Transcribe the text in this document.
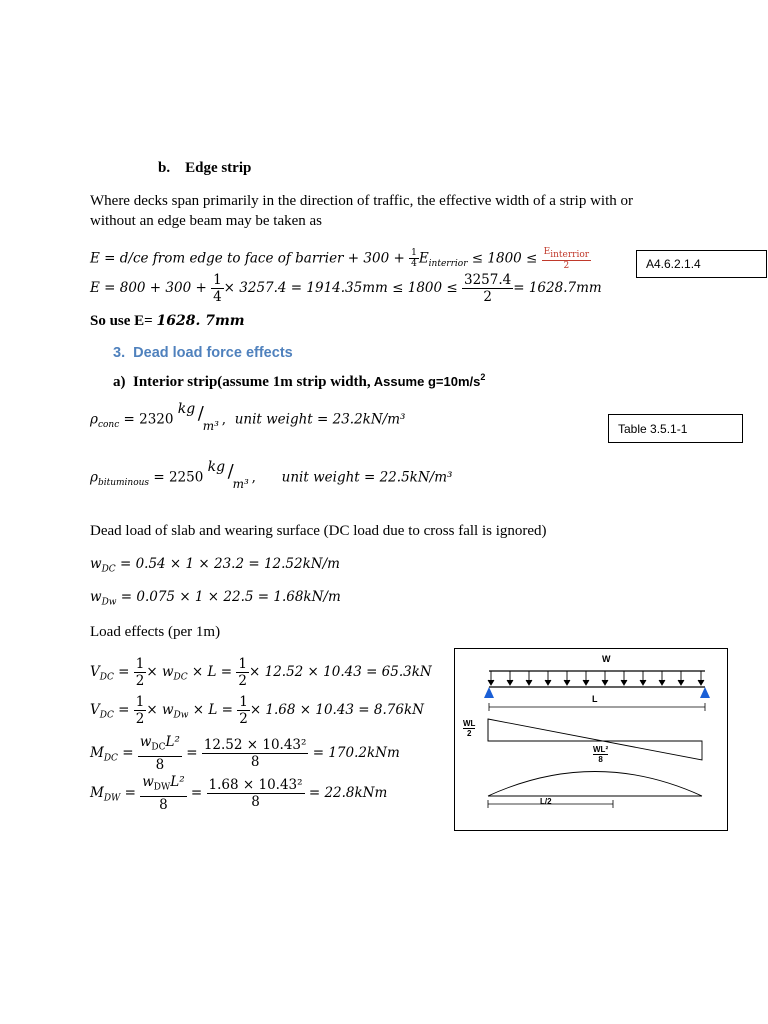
b. Edge strip
Where decks span primarily in the direction of traffic, the effective width of a strip with or
without an edge beam may be taken as
E = d/ce from edge to face of barrier + $300 + \frac{1}{4} E_{interrior} \le 1800 \le \frac{E_{interrior}}{2}$	A4.6.2.1.4
$E = 800 + 300 + \frac{1}{4} \times 3257.4 = 1914.35mm \le 1800 \le \frac{3257.4}{2} = 1628.7mm$
So use E= 1628. 7mm
3. Dead load force effects
a) Interior strip(assume 1m strip width, Assume $g=10m/s^2$
$\rho_{conc} = 2320$
kg /
m³ , unit weight = 23.2kN/m³
Table 3.5.1-1
$\rho_{bituminous} = 2250$
kg /
m³ , unit weight = 22.5kN/m³
Dead load of slab and wearing surface (DC load due to cross fall is ignored)
$w_{DC} = 0.54 \times 1 \times 23.2 = 12.52kN/m$
$w_{Dw} = 0.075 \times 1 \times 22.5 = 1.68kN/m$
Load effects (per 1m)
$V_{DC} = \frac{1}{2} \times w_{DC} \times L = \frac{1}{2} \times 12.52 \times 10.43 = 65.3kN$
$V_{DC} = \frac{1}{2} \times w_{Dw} \times L = \frac{1}{2} \times 1.68 \times 10.43 = 8.76kN$
$M_{DC} = \frac{w_{DC}L^2}{8} = \frac{\text{12.52 × 10.43²}}{8} = 170.2kNm$
$M_{DW} = \frac{w_{DW}L^2}{8} = \frac{\text{1.68 × 10.43²}}{8} = 22.8kNm$
W
L
$\frac{WL}{2}$
$\frac{\text{WL²}}{8}$
L/2
